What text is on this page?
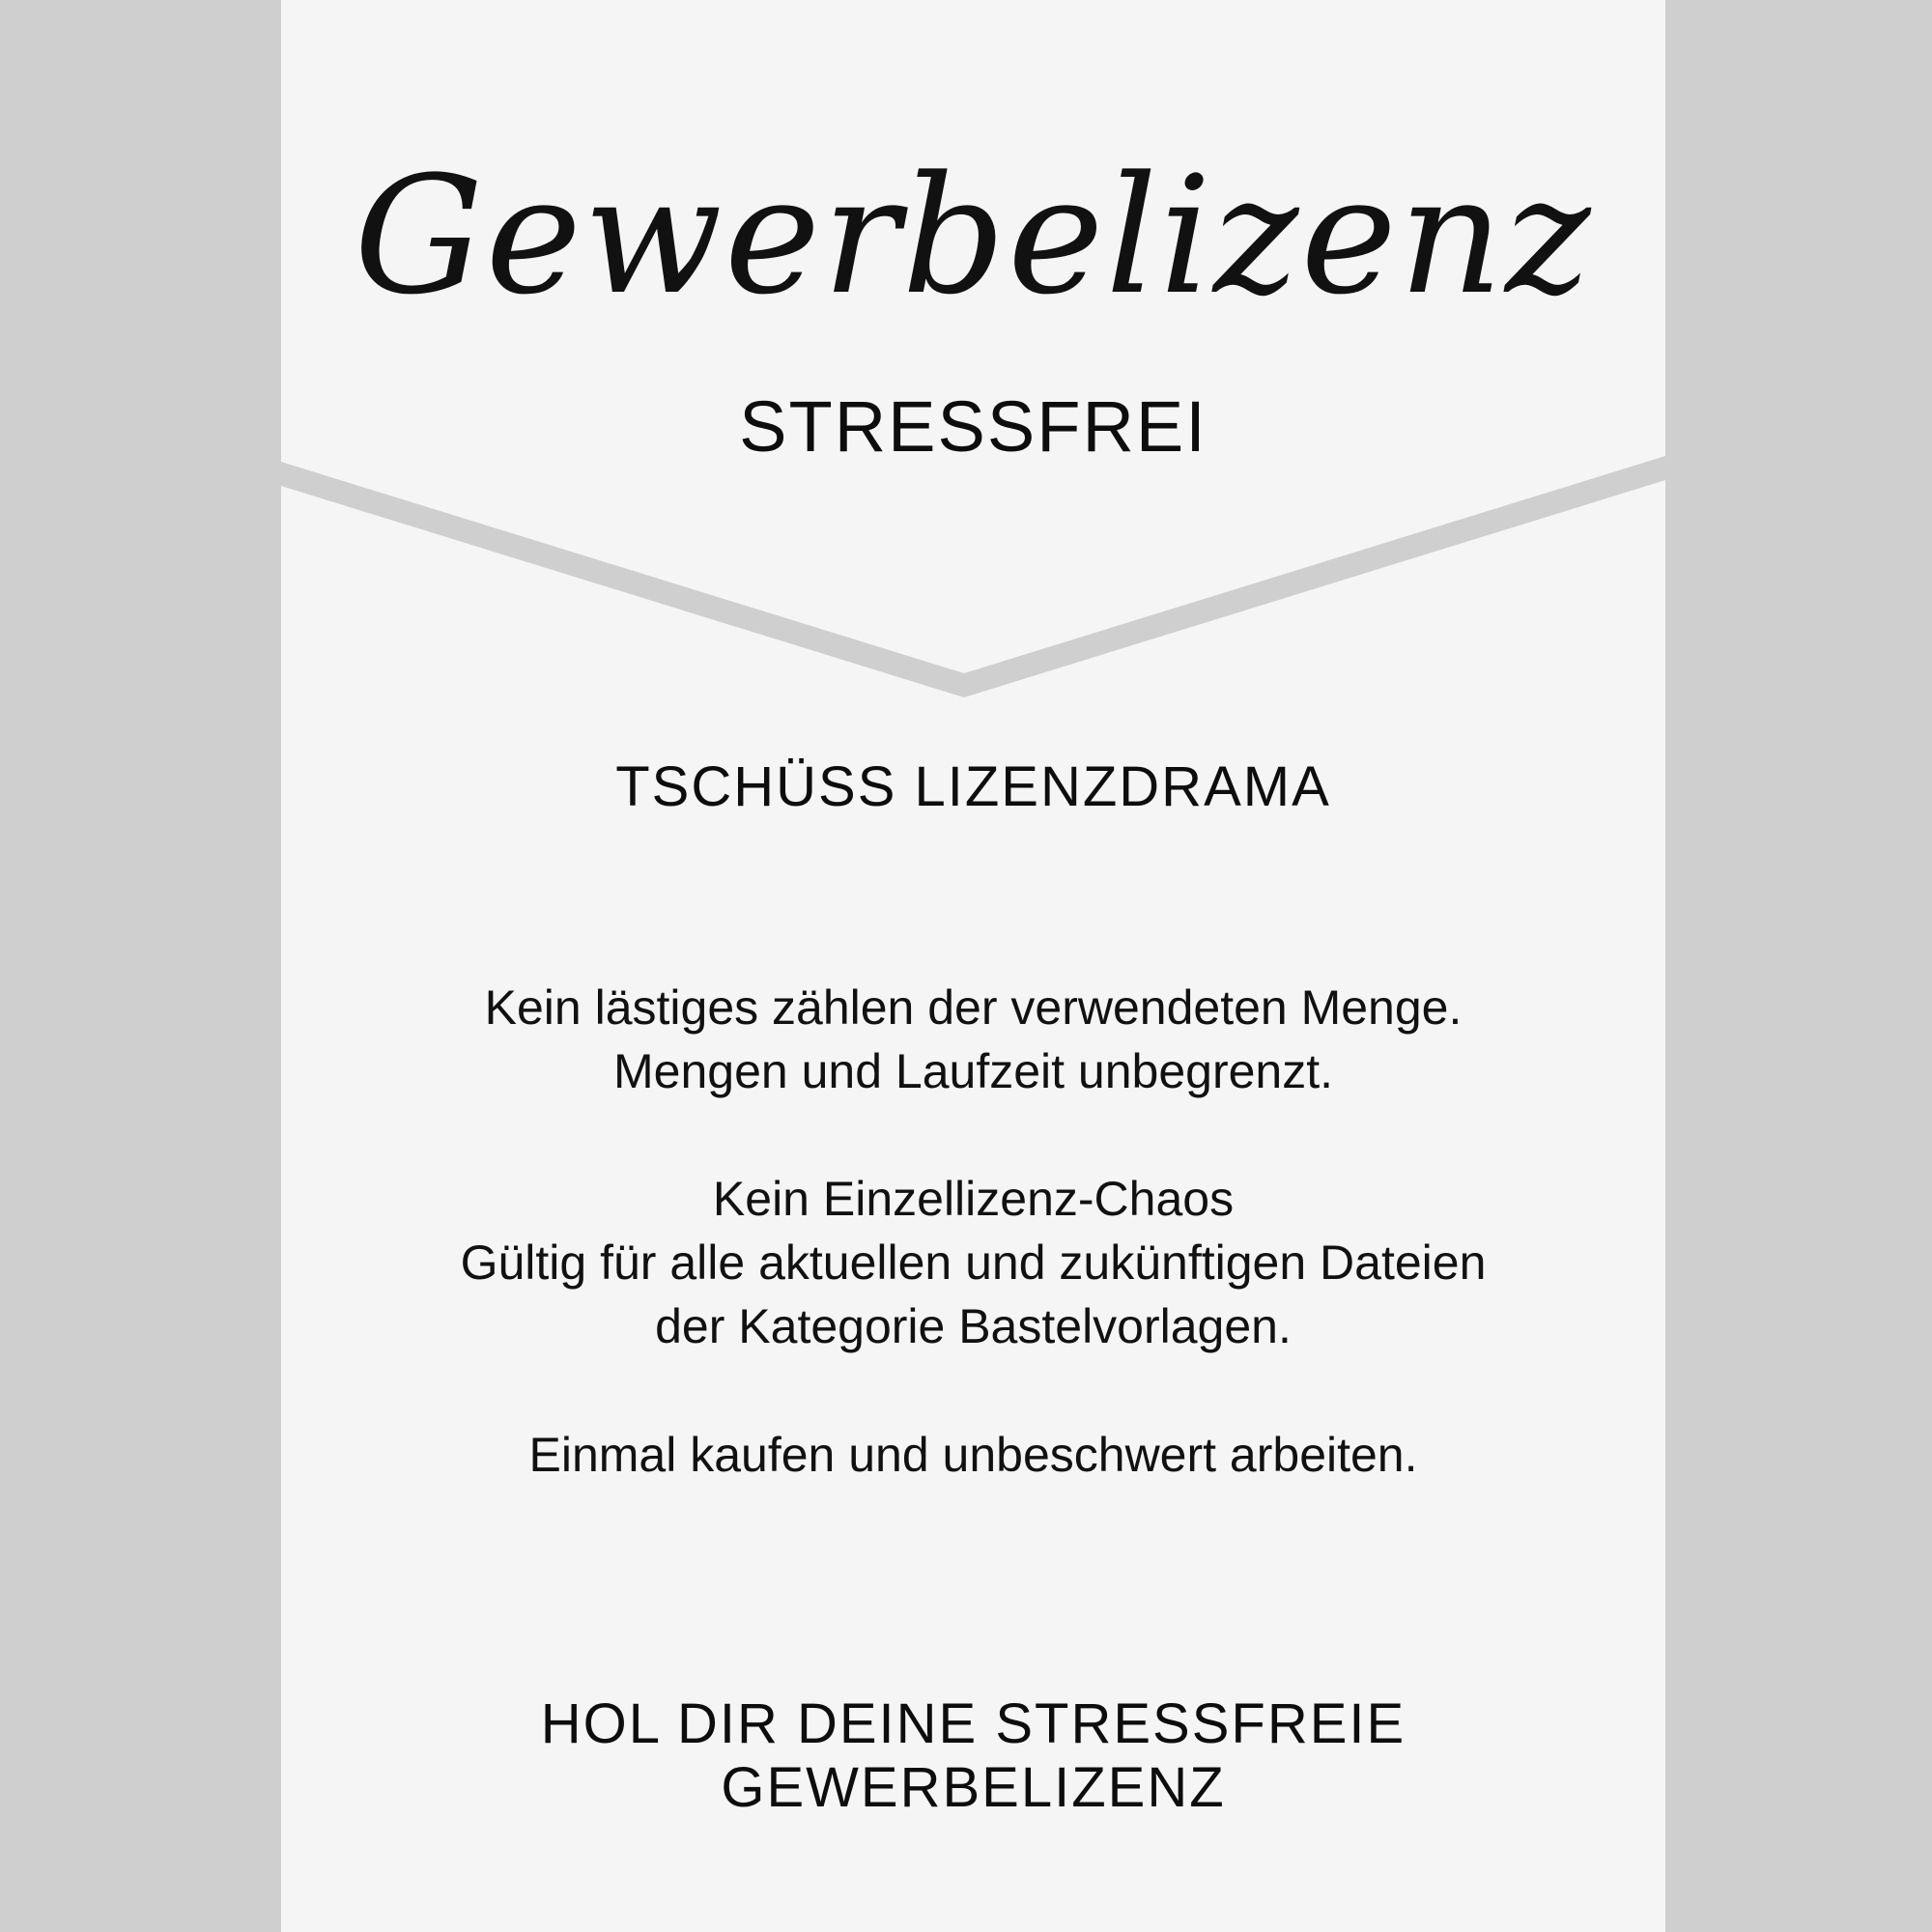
Gewerbelizenz
STRESSFREI
TSCHÜSS LIZENZDRAMA
Kein lästiges zählen der verwendeten Menge.
Mengen und Laufzeit unbegrenzt.
Kein Einzellizenz-Chaos
Gültig für alle aktuellen und zukünftigen Dateien
der Kategorie Bastelvorlagen.
Einmal kaufen und unbeschwert arbeiten.
HOL DIR DEINE STRESSFREIE
GEWERBELIZENZ
